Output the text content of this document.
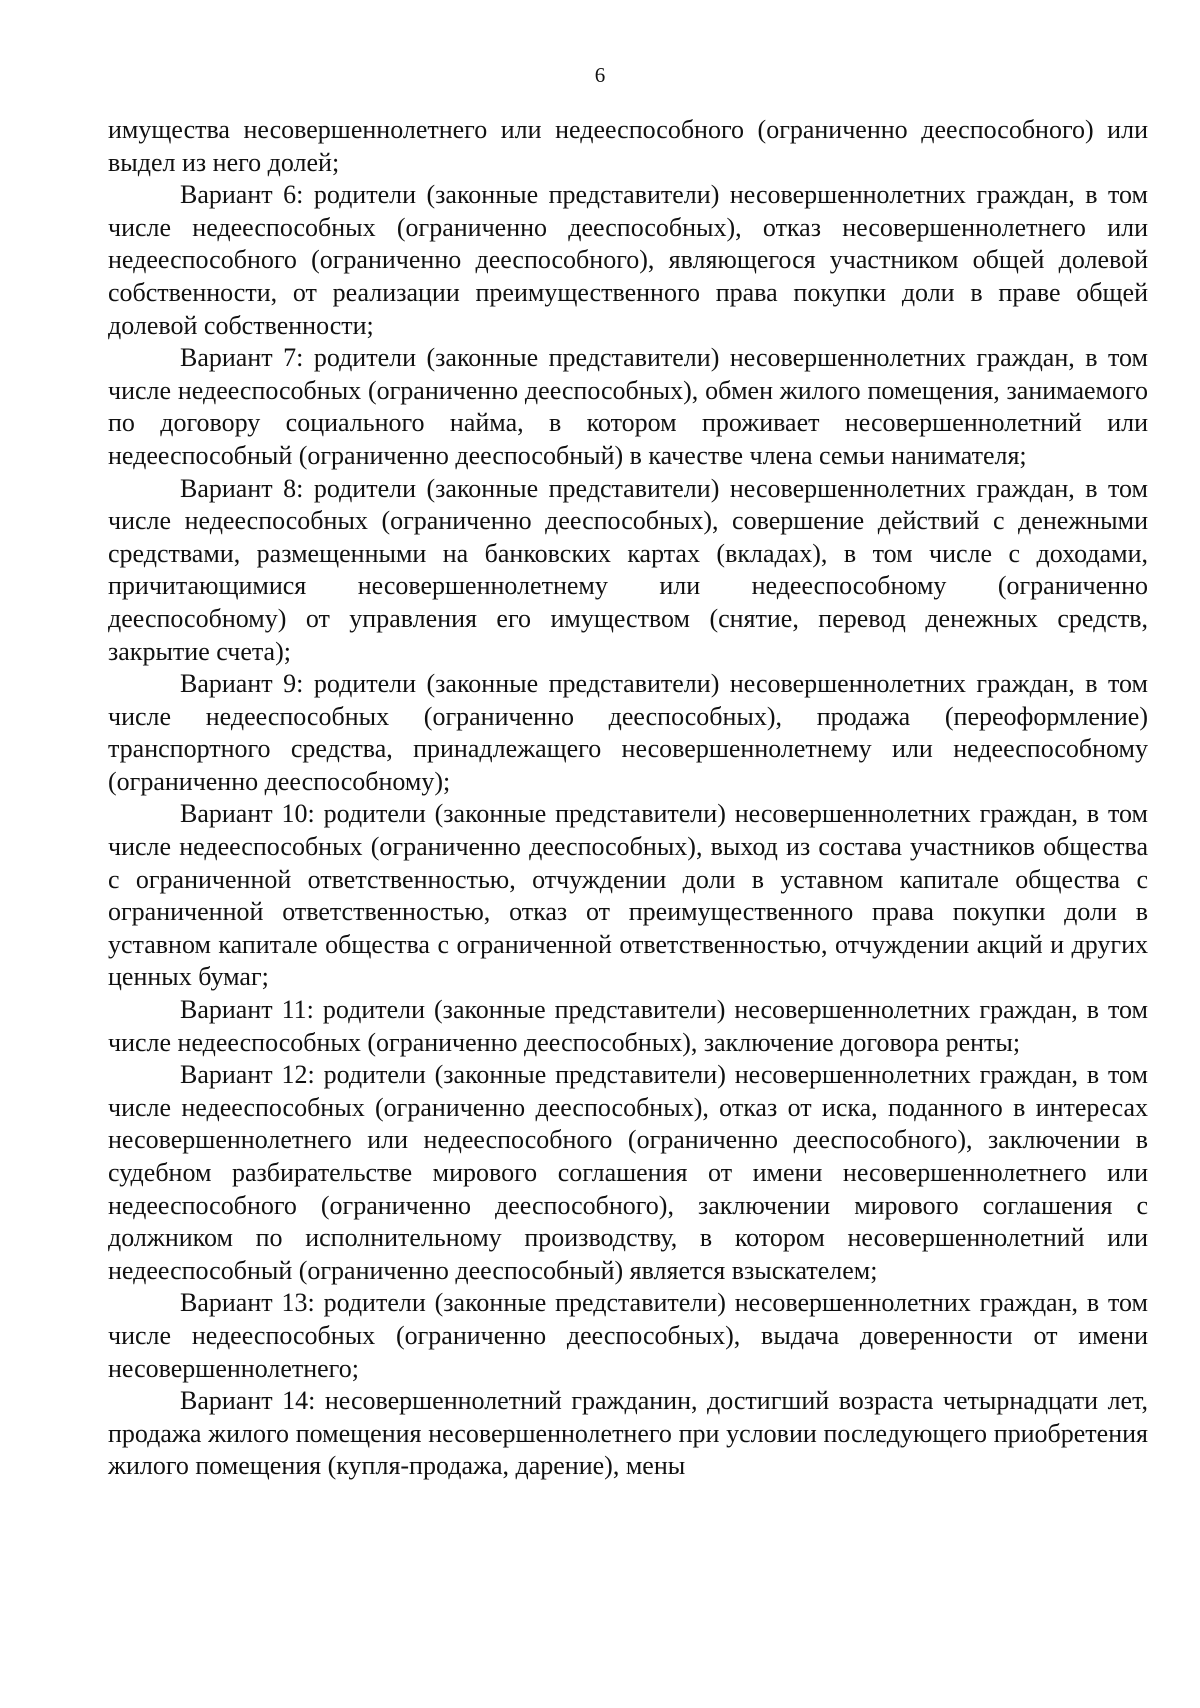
6

имущества несовершеннолетнего или недееспособного (ограниченно дееспособного) или выдел из него долей;

Вариант 6: родители (законные представители) несовершеннолетних граждан, в том числе недееспособных (ограниченно дееспособных), отказ несовершеннолетнего или недееспособного (ограниченно дееспособного), являющегося участником общей долевой собственности, от реализации преимущественного права покупки доли в праве общей долевой собственности;

Вариант 7: родители (законные представители) несовершеннолетних граждан, в том числе недееспособных (ограниченно дееспособных), обмен жилого помещения, занимаемого по договору социального найма, в котором проживает несовершеннолетний или недееспособный (ограниченно дееспособный) в качестве члена семьи нанимателя;

Вариант 8: родители (законные представители) несовершеннолетних граждан, в том числе недееспособных (ограниченно дееспособных), совершение действий с денежными средствами, размещенными на банковских картах (вкладах), в том числе с доходами, причитающимися несовершеннолетнему или недееспособному (ограниченно дееспособному) от управления его имуществом (снятие, перевод денежных средств, закрытие счета);

Вариант 9: родители (законные представители) несовершеннолетних граждан, в том числе недееспособных (ограниченно дееспособных), продажа (переоформление) транспортного средства, принадлежащего несовершеннолетнему или недееспособному (ограниченно дееспособному);

Вариант 10: родители (законные представители) несовершеннолетних граждан, в том числе недееспособных (ограниченно дееспособных), выход из состава участников общества с ограниченной ответственностью, отчуждении доли в уставном капитале общества с ограниченной ответственностью, отказ от преимущественного права покупки доли в уставном капитале общества с ограниченной ответственностью, отчуждении акций и других ценных бумаг;

Вариант 11: родители (законные представители) несовершеннолетних граждан, в том числе недееспособных (ограниченно дееспособных), заключение договора ренты;

Вариант 12: родители (законные представители) несовершеннолетних граждан, в том числе недееспособных (ограниченно дееспособных), отказ от иска, поданного в интересах несовершеннолетнего или недееспособного (ограниченно дееспособного), заключении в судебном разбирательстве мирового соглашения от имени несовершеннолетнего или недееспособного (ограниченно дееспособного), заключении мирового соглашения с должником по исполнительному производству, в котором несовершеннолетний или недееспособный (ограниченно дееспособный) является взыскателем;

Вариант 13: родители (законные представители) несовершеннолетних граждан, в том числе недееспособных (ограниченно дееспособных), выдача доверенности от имени несовершеннолетнего;

Вариант 14: несовершеннолетний гражданин, достигший возраста четырнадцати лет, продажа жилого помещения несовершеннолетнего при условии последующего приобретения жилого помещения (купля-продажа, дарение), мены
